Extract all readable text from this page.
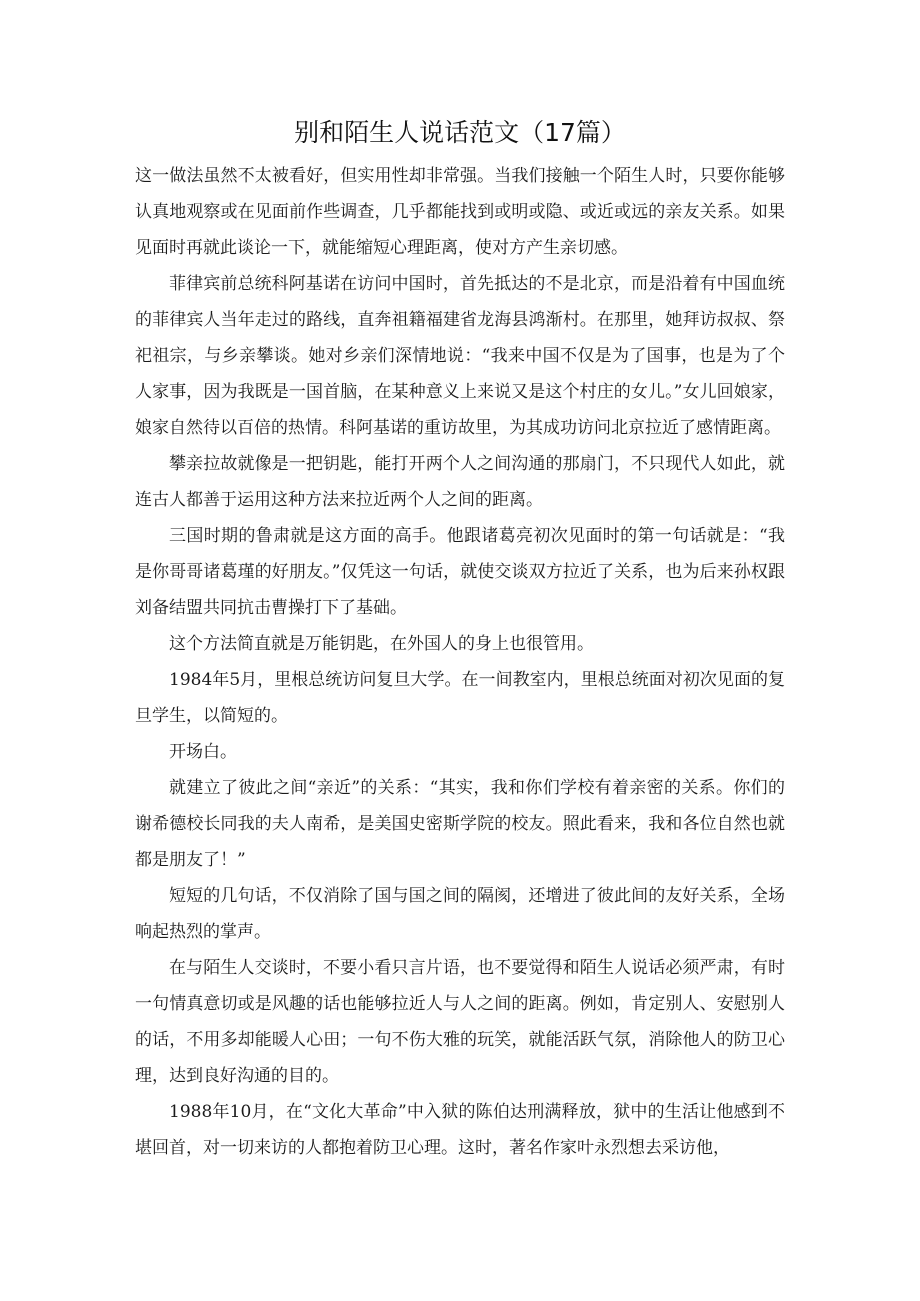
别和陌生人说话范文（17篇）

这一做法虽然不太被看好，但实用性却非常强。当我们接触一个陌生人时，只要你能够认真地观察或在见面前作些调查，几乎都能找到或明或隐、或近或远的亲友关系。如果见面时再就此谈论一下，就能缩短心理距离，使对方产生亲切感。

菲律宾前总统科阿基诺在访问中国时，首先抵达的不是北京，而是沿着有中国血统的菲律宾人当年走过的路线，直奔祖籍福建省龙海县鸿渐村。在那里，她拜访叔叔、祭祀祖宗，与乡亲攀谈。她对乡亲们深情地说：“我来中国不仅是为了国事，也是为了个人家事，因为我既是一国首脑，在某种意义上来说又是这个村庄的女儿。”女儿回娘家，娘家自然待以百倍的热情。科阿基诺的重访故里，为其成功访问北京拉近了感情距离。

攀亲拉故就像是一把钥匙，能打开两个人之间沟通的那扇门，不只现代人如此，就连古人都善于运用这种方法来拉近两个人之间的距离。

三国时期的鲁肃就是这方面的高手。他跟诸葛亮初次见面时的第一句话就是：“我是你哥哥诸葛瑾的好朋友。”仅凭这一句话，就使交谈双方拉近了关系，也为后来孙权跟刘备结盟共同抗击曹操打下了基础。

这个方法简直就是万能钥匙，在外国人的身上也很管用。

1984年5月，里根总统访问复旦大学。在一间教室内，里根总统面对初次见面的复旦学生，以简短的。

开场白。

就建立了彼此之间“亲近”的关系：“其实，我和你们学校有着亲密的关系。你们的谢希德校长同我的夫人南希，是美国史密斯学院的校友。照此看来，我和各位自然也就都是朋友了！”

短短的几句话，不仅消除了国与国之间的隔阂，还增进了彼此间的友好关系，全场响起热烈的掌声。

在与陌生人交谈时，不要小看只言片语，也不要觉得和陌生人说话必须严肃，有时一句情真意切或是风趣的话也能够拉近人与人之间的距离。例如，肯定别人、安慰别人的话，不用多却能暖人心田；一句不伤大雅的玩笑，就能活跃气氛，消除他人的防卫心理，达到良好沟通的目的。

1988年10月，在“文化大革命”中入狱的陈伯达刑满释放，狱中的生活让他感到不堪回首，对一切来访的人都抱着防卫心理。这时，著名作家叶永烈想去采访他，
